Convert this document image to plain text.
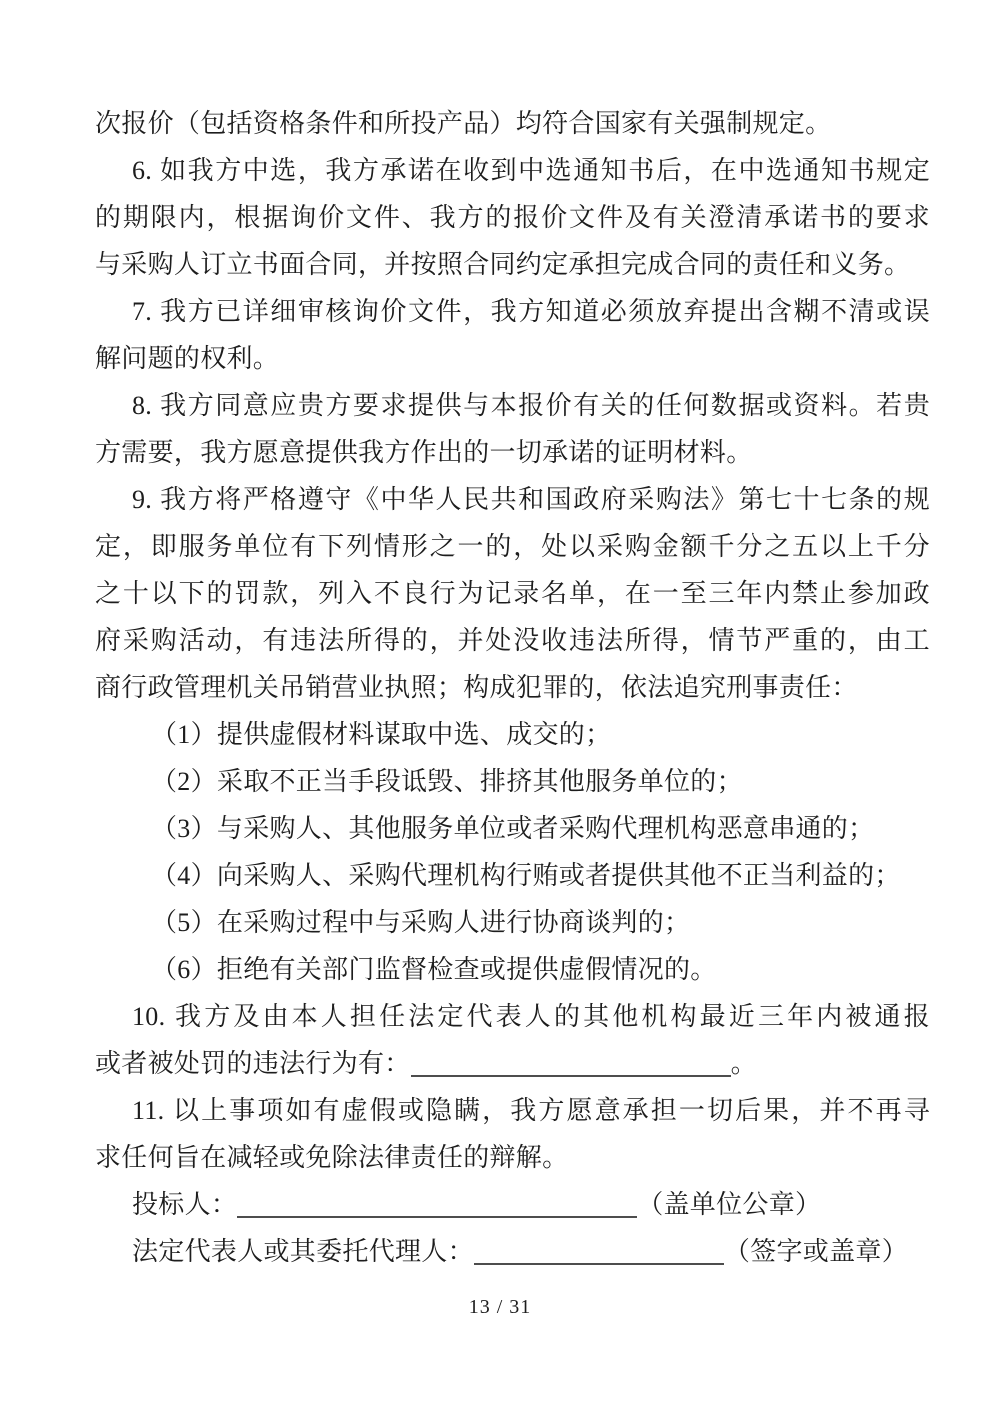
次报价（包括资格条件和所投产品）均符合国家有关强制规定。
6. 如我方中选，我方承诺在收到中选通知书后，在中选通知书规定
的期限内，根据询价文件、我方的报价文件及有关澄清承诺书的要求
与采购人订立书面合同，并按照合同约定承担完成合同的责任和义务。
7. 我方已详细审核询价文件，我方知道必须放弃提出含糊不清或误
解问题的权利。
8. 我方同意应贵方要求提供与本报价有关的任何数据或资料。若贵
方需要，我方愿意提供我方作出的一切承诺的证明材料。
9. 我方将严格遵守《中华人民共和国政府采购法》第七十七条的规
定，即服务单位有下列情形之一的，处以采购金额千分之五以上千分
之十以下的罚款，列入不良行为记录名单，在一至三年内禁止参加政
府采购活动，有违法所得的，并处没收违法所得，情节严重的，由工
商行政管理机关吊销营业执照；构成犯罪的，依法追究刑事责任：
（1）提供虚假材料谋取中选、成交的；
（2）采取不正当手段诋毁、排挤其他服务单位的；
（3）与采购人、其他服务单位或者采购代理机构恶意串通的；
（4）向采购人、采购代理机构行贿或者提供其他不正当利益的；
（5）在采购过程中与采购人进行协商谈判的；
（6）拒绝有关部门监督检查或提供虚假情况的。
10. 我方及由本人担任法定代表人的其他机构最近三年内被通报
或者被处罚的违法行为有：	。
11. 以上事项如有虚假或隐瞒，我方愿意承担一切后果，并不再寻
求任何旨在减轻或免除法律责任的辩解。
投标人：	（盖单位公章）
法定代表人或其委托代理人：	（签字或盖章）
13 / 31
